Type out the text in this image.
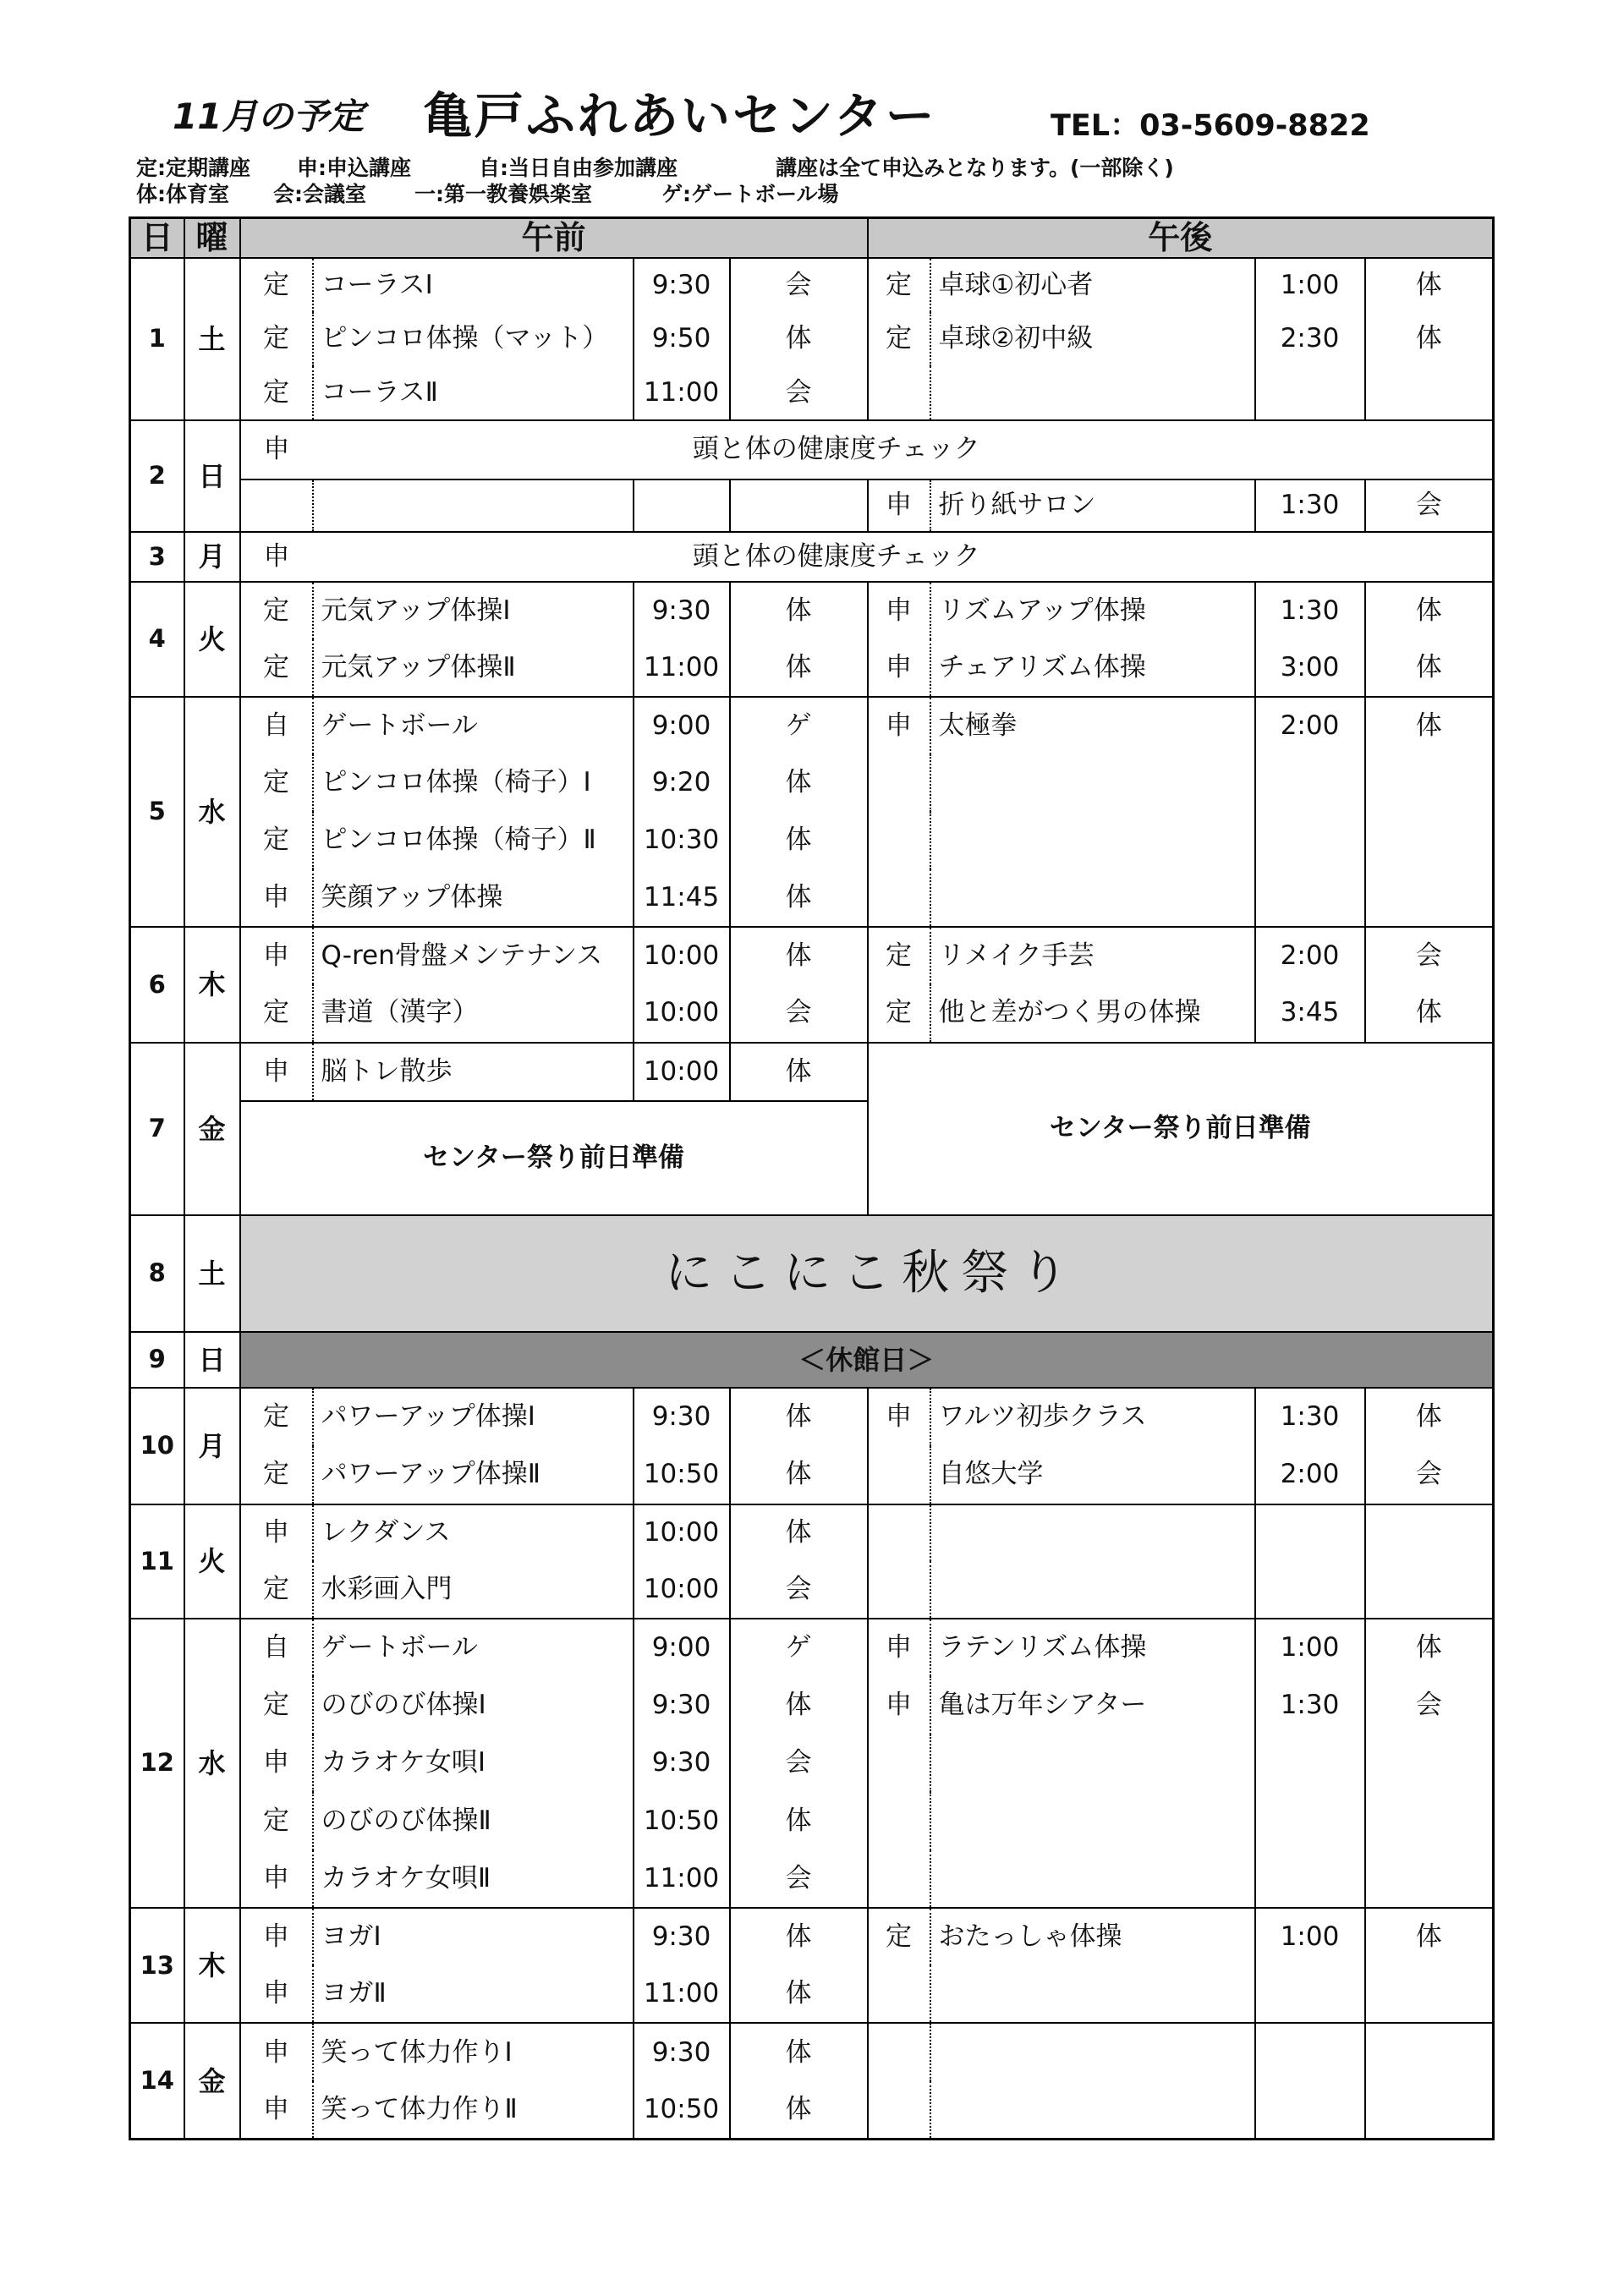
11月の予定 亀戸ふれあいセンター	TEL：03-5609-8822
定:定期講座 申:申込講座	自:当日自由参加講座	講座は全て申込みとなります。(一部除く)
体:体育室 会:会議室 一:第一教養娯楽室	ゲ:ゲートボール場
日	曜	午前				午後			
1	土	定	コーラスⅠ	9:30	会	定	卓球①初心者	1:00	体
		定	ピンコロ体操（マット）	9:50	体	定	卓球②初中級	2:30	体
		定	コーラスⅡ	11:00	会				
2	日	申	頭と体の健康度チェック						
						申	折り紙サロン	1:30	会
3	月	申	頭と体の健康度チェック						
4	火	定	元気アップ体操Ⅰ	9:30	体	申	リズムアップ体操	1:30	体
		定	元気アップ体操Ⅱ	11:00	体	申	チェアリズム体操	3:00	体
5	水	自	ゲートボール	9:00	ゲ	申	太極拳	2:00	体
		定	ピンコロ体操（椅子）Ⅰ	9:20	体				
		定	ピンコロ体操（椅子）Ⅱ	10:30	体				
		申	笑顔アップ体操	11:45	体				
6	木	申	Q-ren骨盤メンテナンス	10:00	体	定	リメイク手芸	2:00	会
		定	書道（漢字）	10:00	会	定	他と差がつく男の体操	3:45	体
7	金	申	脳トレ散歩	10:00	体	センター祭り前日準備			
		センター祭り前日準備							
8	土	にこにこ秋祭り							
9	日	＜休館日＞							
10	月	定	パワーアップ体操Ⅰ	9:30	体	申	ワルツ初歩クラス	1:30	体
		定	パワーアップ体操Ⅱ	10:50	体		自悠大学	2:00	会
11	火	申	レクダンス	10:00	体				
		定	水彩画入門	10:00	会				
12	水	自	ゲートボール	9:00	ゲ	申	ラテンリズム体操	1:00	体
		定	のびのび体操Ⅰ	9:30	体	申	亀は万年シアター	1:30	会
		申	カラオケ女唄Ⅰ	9:30	会				
		定	のびのび体操Ⅱ	10:50	体				
		申	カラオケ女唄Ⅱ	11:00	会				
13	木	申	ヨガⅠ	9:30	体	定	おたっしゃ体操	1:00	体
		申	ヨガⅡ	11:00	体				
14	金	申	笑って体力作りⅠ	9:30	体				
		申	笑って体力作りⅡ	10:50	体				
